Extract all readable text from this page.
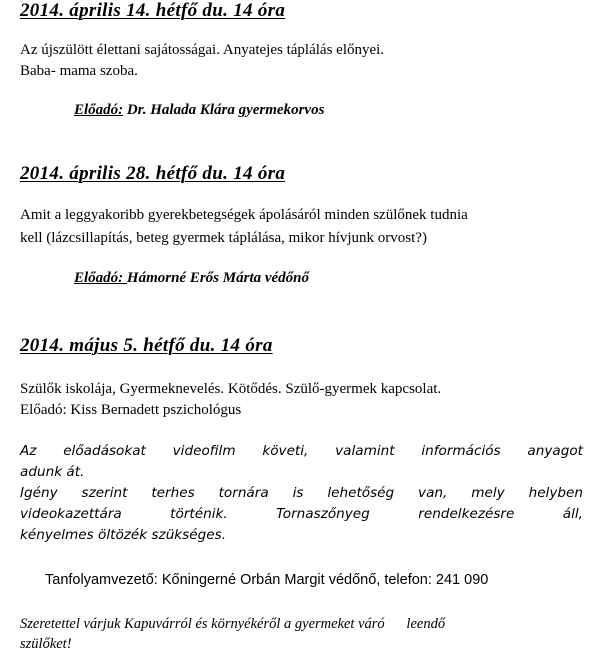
2014. április 14. hétfő du. 14 óra

Az újszülött élettani sajátosságai. Anyatejes táplálás előnyei.

Baba- mama szoba.

Előadó: Dr. Halada Klára gyermekorvos

2014. április 28. hétfő du. 14 óra

Amit a leggyakoribb gyerekbetegségek ápolásáról minden szülőnek tudnia

kell (lázcsillapítás, beteg gyermek táplálása, mikor hívjunk orvost?)

Előadó: Hámorné Erős Márta védőnő

2014. május 5. hétfő du. 14 óra

Szülők iskolája, Gyermeknevelés. Kötődés. Szülő-gyermek kapcsolat.

Előadó: Kiss Bernadett pszichológus

Az előadásokat videofilm követi, valamint információs anyagot
adunk át.
Igény szerint terhes tornára is lehetőség van, mely helyben
videokazettára történik. Tornaszőnyeg rendelkezésre áll,
kényelmes öltözék szükséges.

Tanfolyamvezető: Kőningerné Orbán Margit védőnő, telefon: 241 090

Szeretettel várjuk Kapuvárról és környékéről a gyermeket váró      leendő
szülőket!
